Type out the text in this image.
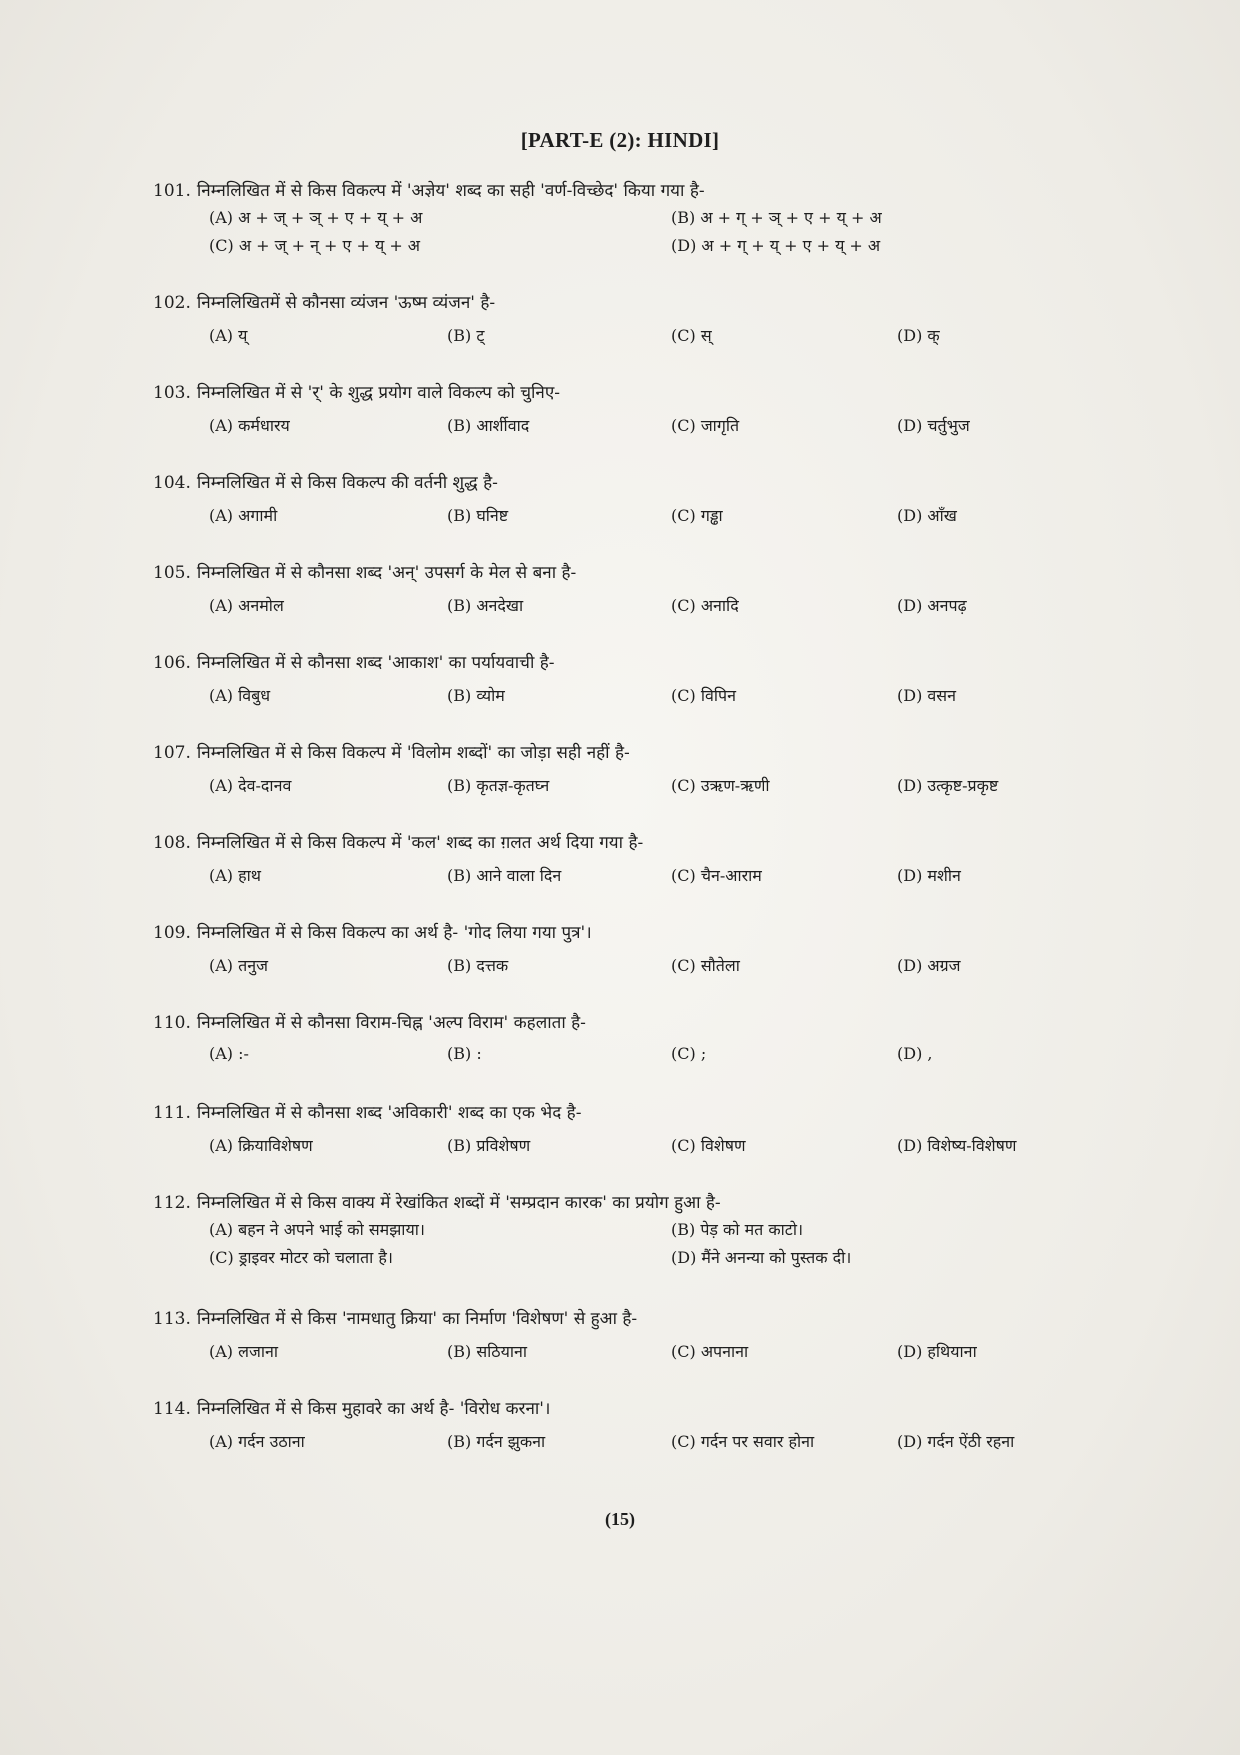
[PART-E (2): HINDI]
101. निम्नलिखित में से किस विकल्प में 'अज्ञेय' शब्द का सही 'वर्ण-विच्छेद' किया गया है-
(A) अ + ज् + ञ् + ए + य् + अ	(B) अ + ग् + ञ् + ए + य् + अ
(C) अ + ज् + न् + ए + य् + अ	(D) अ + ग् + य् + ए + य् + अ
102. निम्नलिखितमें से कौनसा व्यंजन 'ऊष्म व्यंजन' है-
(A) य्	(B) ट्	(C) स्	(D) क्
103. निम्नलिखित में से 'र्' के शुद्ध प्रयोग वाले विकल्प को चुनिए-
(A) कर्मधारय	(B) आर्शीवाद	(C) जागृति	(D) चर्तुभुज
104. निम्नलिखित में से किस विकल्प की वर्तनी शुद्ध है-
(A) अगामी	(B) घनिष्ट	(C) गड्ढा	(D) आँख
105. निम्नलिखित में से कौनसा शब्द 'अन्' उपसर्ग के मेल से बना है-
(A) अनमोल	(B) अनदेखा	(C) अनादि	(D) अनपढ़
106. निम्नलिखित में से कौनसा शब्द 'आकाश' का पर्यायवाची है-
(A) विबुध	(B) व्योम	(C) विपिन	(D) वसन
107. निम्नलिखित में से किस विकल्प में 'विलोम शब्दों' का जोड़ा सही नहीं है-
(A) देव-दानव	(B) कृतज्ञ-कृतघ्न	(C) उऋण-ऋणी	(D) उत्कृष्ट-प्रकृष्ट
108. निम्नलिखित में से किस विकल्प में 'कल' शब्द का ग़लत अर्थ दिया गया है-
(A) हाथ	(B) आने वाला दिन	(C) चैन-आराम	(D) मशीन
109. निम्नलिखित में से किस विकल्प का अर्थ है- 'गोद लिया गया पुत्र'।
(A) तनुज	(B) दत्तक	(C) सौतेला	(D) अग्रज
110. निम्नलिखित में से कौनसा विराम-चिह्न 'अल्प विराम' कहलाता है-
(A) :-	(B) :	(C) ;	(D) ,
111. निम्नलिखित में से कौनसा शब्द 'अविकारी' शब्द का एक भेद है-
(A) क्रियाविशेषण	(B) प्रविशेषण	(C) विशेषण	(D) विशेष्य-विशेषण
112. निम्नलिखित में से किस वाक्य में रेखांकित शब्दों में 'सम्प्रदान कारक' का प्रयोग हुआ है-
(A) बहन ने अपने भाई को समझाया।	(B) पेड़ को मत काटो।
(C) ड्राइवर मोटर को चलाता है।	(D) मैंने अनन्या को पुस्तक दी।
113. निम्नलिखित में से किस 'नामधातु क्रिया' का निर्माण 'विशेषण' से हुआ है-
(A) लजाना	(B) सठियाना	(C) अपनाना	(D) हथियाना
114. निम्नलिखित में से किस मुहावरे का अर्थ है- 'विरोध करना'।
(A) गर्दन उठाना	(B) गर्दन झुकना	(C) गर्दन पर सवार होना	(D) गर्दन ऐंठी रहना
(15)
